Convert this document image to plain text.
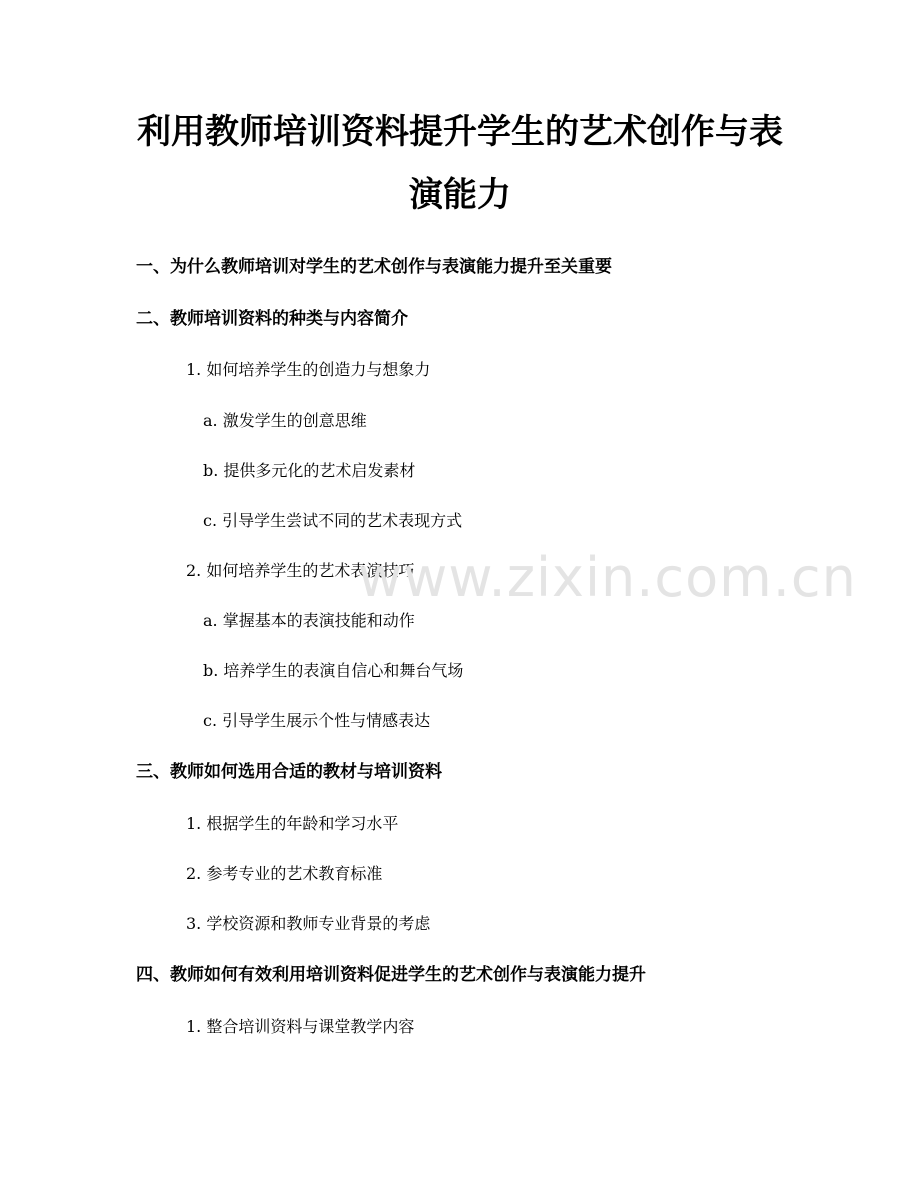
利用教师培训资料提升学生的艺术创作与表
演能力
一、为什么教师培训对学生的艺术创作与表演能力提升至关重要
二、教师培训资料的种类与内容简介

1. 如何培养学生的创造力与想象力

a. 激发学生的创意思维

b. 提供多元化的艺术启发素材

c. 引导学生尝试不同的艺术表现方式

2. 如何培养学生的艺术表演技巧

a. 掌握基本的表演技能和动作

b. 培养学生的表演自信心和舞台气场

c. 引导学生展示个性与情感表达

三、教师如何选用合适的教材与培训资料

1. 根据学生的年龄和学习水平

2. 参考专业的艺术教育标准

3. 学校资源和教师专业背景的考虑

四、教师如何有效利用培训资料促进学生的艺术创作与表演能力提升

1. 整合培训资料与课堂教学内容

www.zixin.com.cn
